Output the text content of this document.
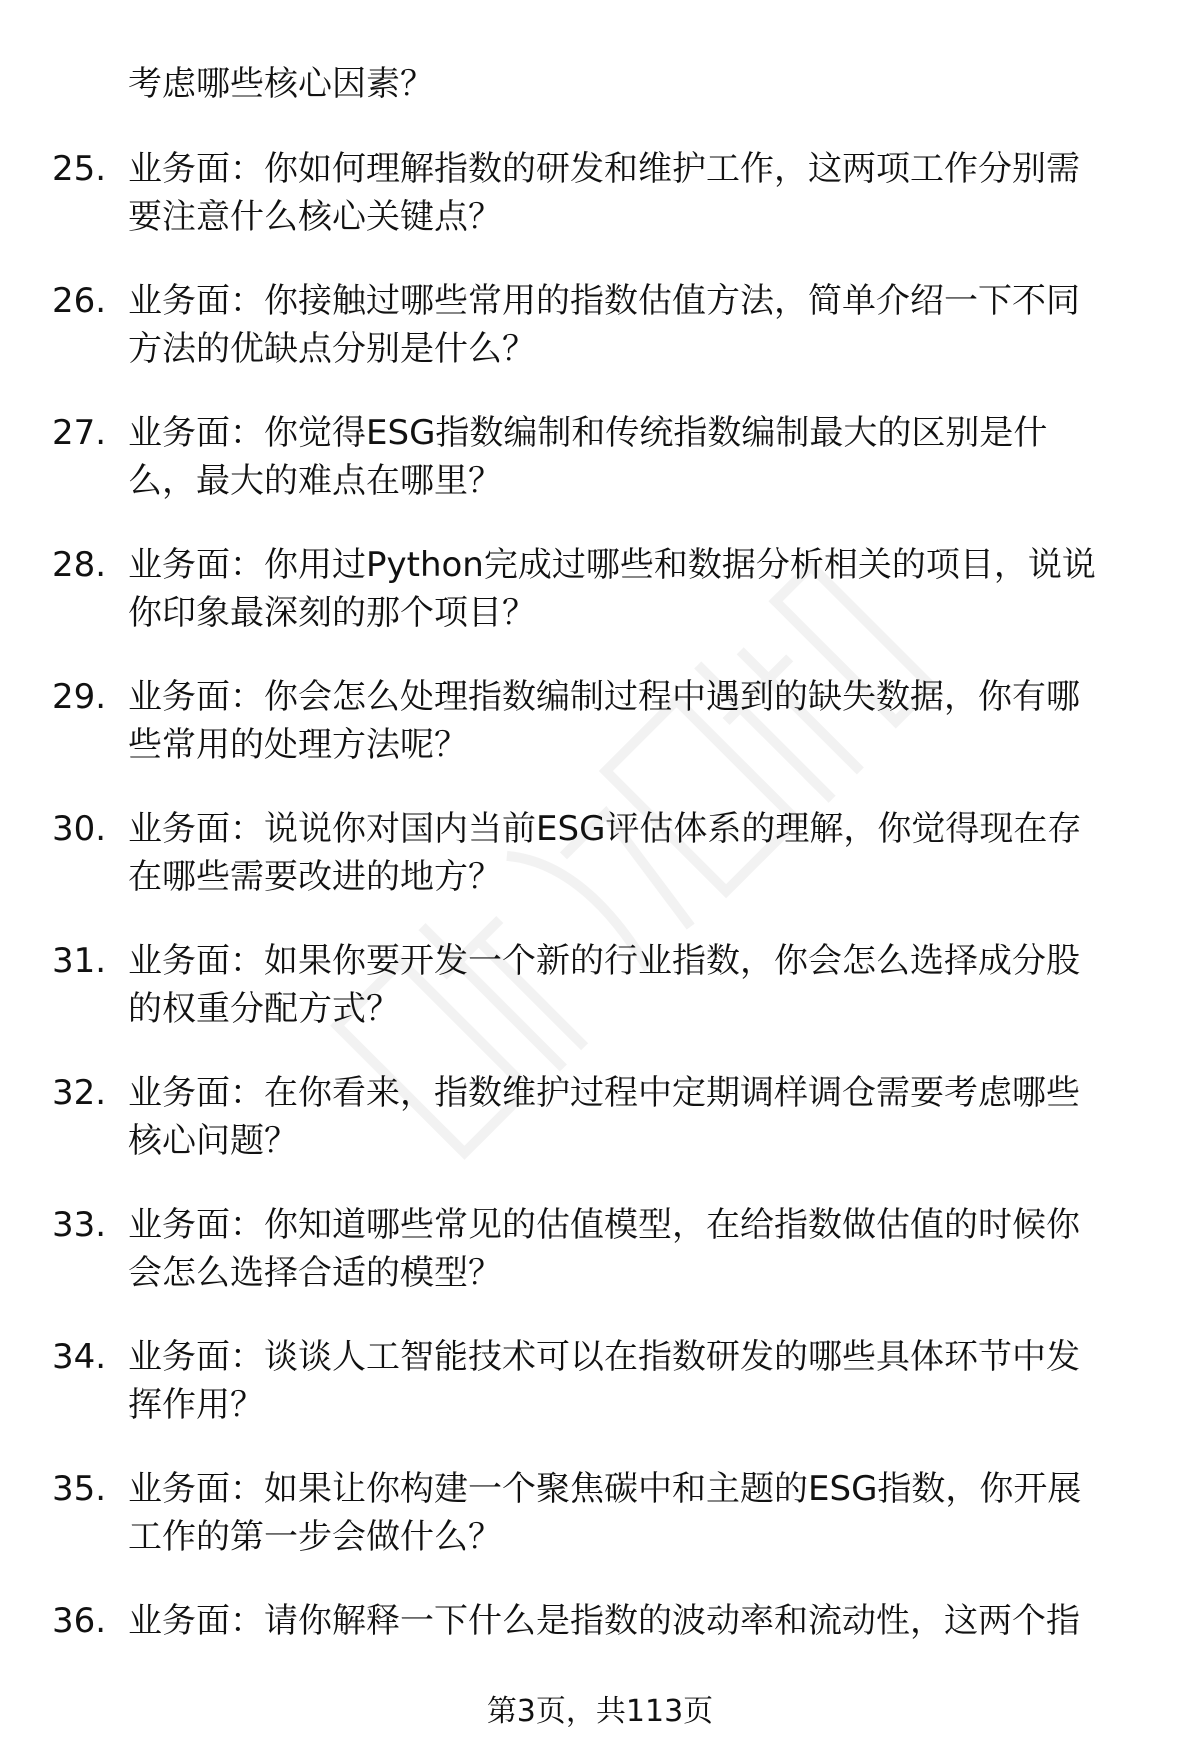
考虑哪些核心因素？
25. 业务面：你如何理解指数的研发和维护工作，这两项工作分别需
要注意什么核心关键点？
26. 业务面：你接触过哪些常用的指数估值方法，简单介绍一下不同
方法的优缺点分别是什么？
27. 业务面：你觉得ESG指数编制和传统指数编制最大的区别是什
么，最大的难点在哪里？
28. 业务面：你用过Python完成过哪些和数据分析相关的项目，说说
你印象最深刻的那个项目？
29. 业务面：你会怎么处理指数编制过程中遇到的缺失数据，你有哪
些常用的处理方法呢？
30. 业务面：说说你对国内当前ESG评估体系的理解，你觉得现在存
在哪些需要改进的地方？
31. 业务面：如果你要开发一个新的行业指数，你会怎么选择成分股
的权重分配方式？
32. 业务面：在你看来，指数维护过程中定期调样调仓需要考虑哪些
核心问题？
33. 业务面：你知道哪些常见的估值模型，在给指数做估值的时候你
会怎么选择合适的模型？
34. 业务面：谈谈人工智能技术可以在指数研发的哪些具体环节中发
挥作用？
35. 业务面：如果让你构建一个聚焦碳中和主题的ESG指数，你开展
工作的第一步会做什么？
36. 业务面：请你解释一下什么是指数的波动率和流动性，这两个指
第3页，共113页
